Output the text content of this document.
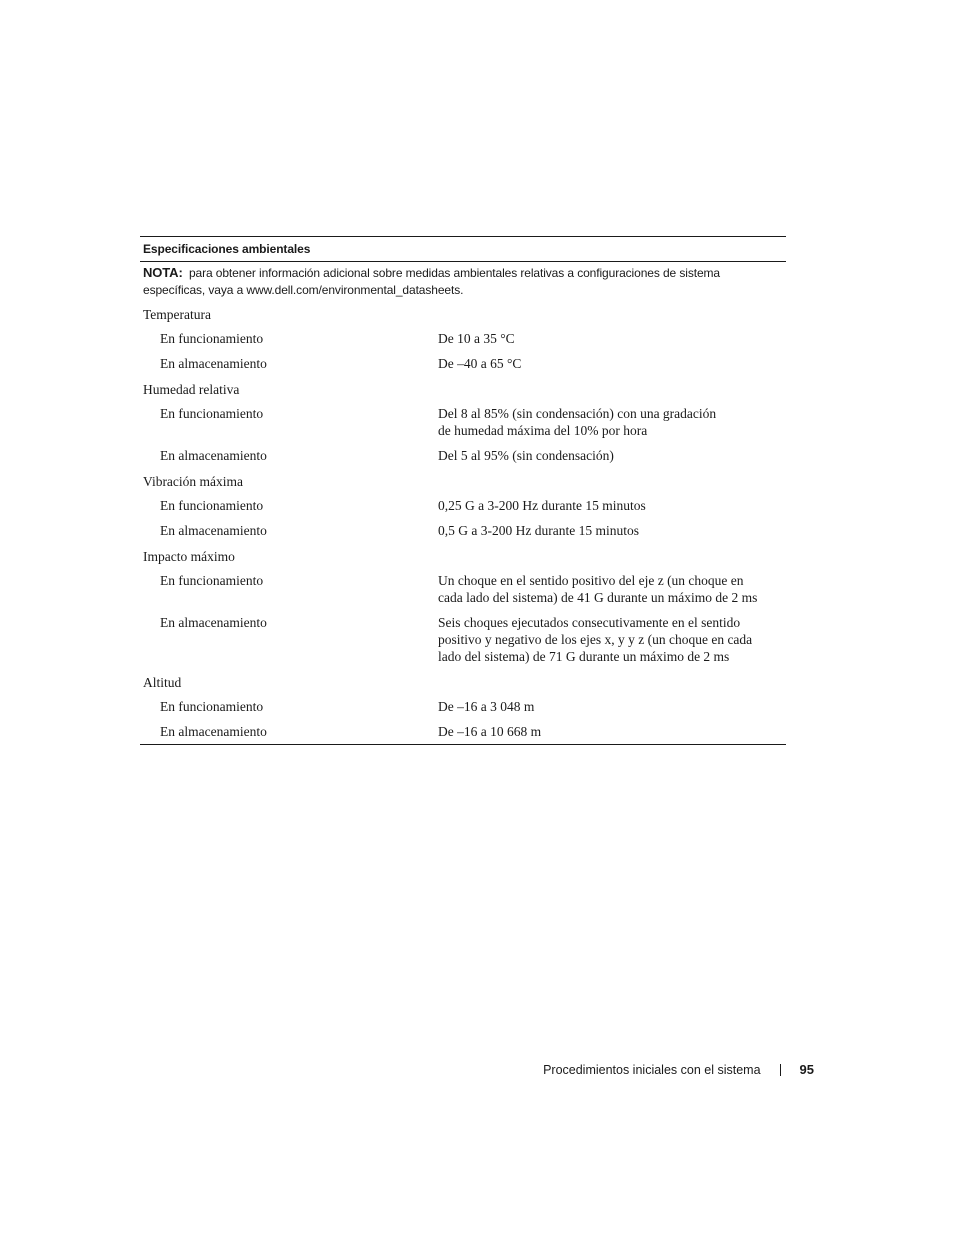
Especificaciones ambientales
NOTA: para obtener información adicional sobre medidas ambientales relativas a configuraciones de sistema específicas, vaya a www.dell.com/environmental_datasheets.
Temperatura
En funcionamiento	De 10 a 35 °C
En almacenamiento	De –40 a 65 °C
Humedad relativa
En funcionamiento	Del 8 al 85% (sin condensación) con una gradación
de humedad máxima del 10% por hora
En almacenamiento	Del 5 al 95% (sin condensación)
Vibración máxima
En funcionamiento	0,25 G a 3-200 Hz durante 15 minutos
En almacenamiento	0,5 G a 3-200 Hz durante 15 minutos
Impacto máximo
En funcionamiento	Un choque en el sentido positivo del eje z (un choque en
cada lado del sistema) de 41 G durante un máximo de 2 ms
En almacenamiento	Seis choques ejecutados consecutivamente en el sentido
positivo y negativo de los ejes x, y y z (un choque en cada
lado del sistema) de 71 G durante un máximo de 2 ms
Altitud
En funcionamiento	De –16 a 3 048 m
En almacenamiento	De –16 a 10 668 m
Procedimientos iniciales con el sistema	95
